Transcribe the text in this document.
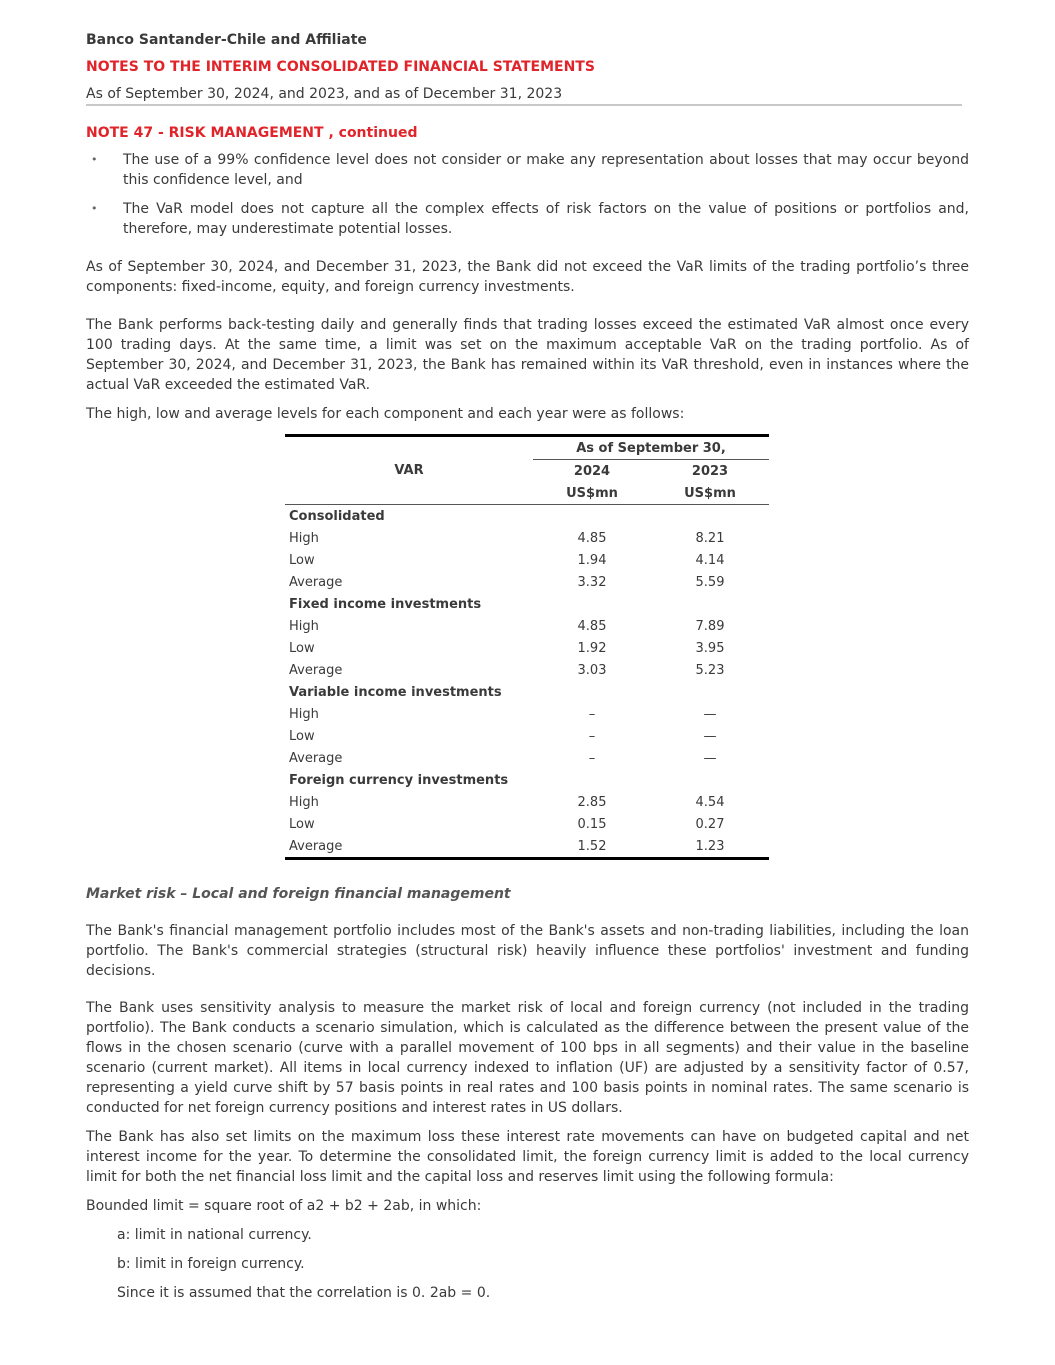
Banco Santander-Chile and Affiliate
NOTES TO THE INTERIM CONSOLIDATED FINANCIAL STATEMENTS
As of September 30, 2024, and 2023, and as of December 31, 2023
NOTE 47 - RISK MANAGEMENT , continued
• The use of a 99% confidence level does not consider or make any representation about losses that may occur beyond this confidence level, and
• The VaR model does not capture all the complex effects of risk factors on the value of positions or portfolios and, therefore, may underestimate potential losses.

As of September 30, 2024, and December 31, 2023, the Bank did not exceed the VaR limits of the trading portfolio’s three components: fixed-income, equity, and foreign currency investments.

The Bank performs back-testing daily and generally finds that trading losses exceed the estimated VaR almost once every 100 trading days. At the same time, a limit was set on the maximum acceptable VaR on the trading portfolio. As of September 30, 2024, and December 31, 2023, the Bank has remained within its VaR threshold, even in instances where the actual VaR exceeded the estimated VaR.

The high, low and average levels for each component and each year were as follows:

	As of September 30,	
VAR	2024	2023
	US$mn	US$mn
Consolidated		
High	4.85	8.21
Low	1.94	4.14
Average	3.32	5.59
Fixed income investments		
High	4.85	7.89
Low	1.92	3.95
Average	3.03	5.23
Variable income investments		
High	–	—
Low	–	—
Average	–	—
Foreign currency investments		
High	2.85	4.54
Low	0.15	0.27
Average	1.52	1.23
Market risk – Local and foreign financial management

The Bank's financial management portfolio includes most of the Bank's assets and non-trading liabilities, including the loan portfolio. The Bank's commercial strategies (structural risk) heavily influence these portfolios' investment and funding decisions.

The Bank uses sensitivity analysis to measure the market risk of local and foreign currency (not included in the trading portfolio). The Bank conducts a scenario simulation, which is calculated as the difference between the present value of the flows in the chosen scenario (curve with a parallel movement of 100 bps in all segments) and their value in the baseline scenario (current market). All items in local currency indexed to inflation (UF) are adjusted by a sensitivity factor of 0.57, representing a yield curve shift by 57 basis points in real rates and 100 basis points in nominal rates. The same scenario is conducted for net foreign currency positions and interest rates in US dollars.

The Bank has also set limits on the maximum loss these interest rate movements can have on budgeted capital and net interest income for the year. To determine the consolidated limit, the foreign currency limit is added to the local currency limit for both the net financial loss limit and the capital loss and reserves limit using the following formula:

Bounded limit = square root of a2 + b2 + 2ab, in which:

a: limit in national currency.

b: limit in foreign currency.

Since it is assumed that the correlation is 0. 2ab = 0.
